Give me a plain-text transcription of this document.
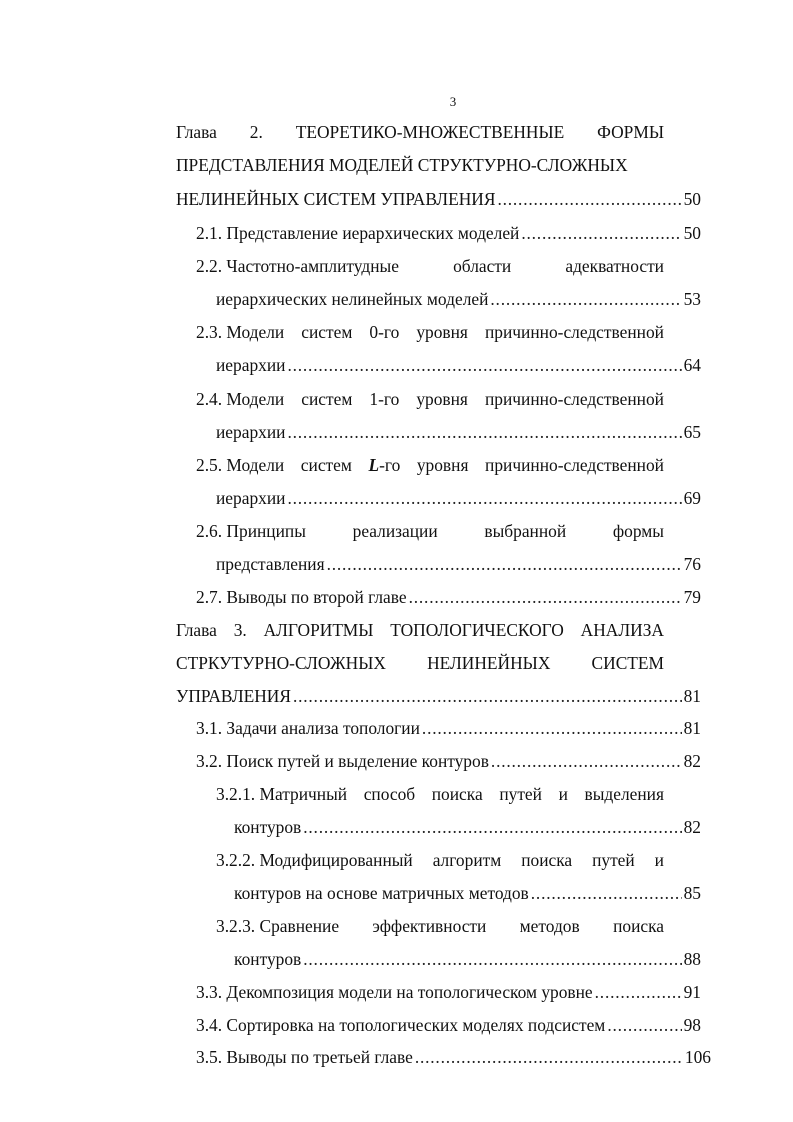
3
Глава 2. ТЕОРЕТИКО-МНОЖЕСТВЕННЫЕ ФОРМЫ
ПРЕДСТАВЛЕНИЯ МОДЕЛЕЙ СТРУКТУРНО-СЛОЖНЫХ
НЕЛИНЕЙНЫХ СИСТЕМ УПРАВЛЕНИЯ .....	50
2.1. Представление иерархических моделей .....	50
2.2. Частотно-амплитудные	области	адекватности
иерархических нелинейных моделей .....	53
2.3. Модели систем 0-го уровня причинно-следственной
иерархии .....	64
2.4. Модели систем 1-го уровня причинно-следственной
иерархии .....	65
2.5. Модели систем L-го уровня причинно-следственной
иерархии .....	69
2.6. Принципы	реализации	выбранной	формы
представления .....	76
2.7. Выводы по второй главе .....	79
Глава 3. АЛГОРИТМЫ ТОПОЛОГИЧЕСКОГО АНАЛИЗА
СТРКУТУРНО-СЛОЖНЫХ НЕЛИНЕЙНЫХ СИСТЕМ
УПРАВЛЕНИЯ .....	81
3.1. Задачи анализа топологии .....	81
3.2. Поиск путей и выделение контуров .....	82
3.2.1. Матричный способ поиска путей и выделения
контуров .....	82
3.2.2. Модифицированный алгоритм поиска путей и
контуров на основе матричных методов .....	85
3.2.3. Сравнение эффективности методов поиска
контуров .....	88
3.3. Декомпозиция модели на топологическом уровне .....	91
3.4. Сортировка на топологических моделях подсистем .....	98
3.5. Выводы по третьей главе .....	106
